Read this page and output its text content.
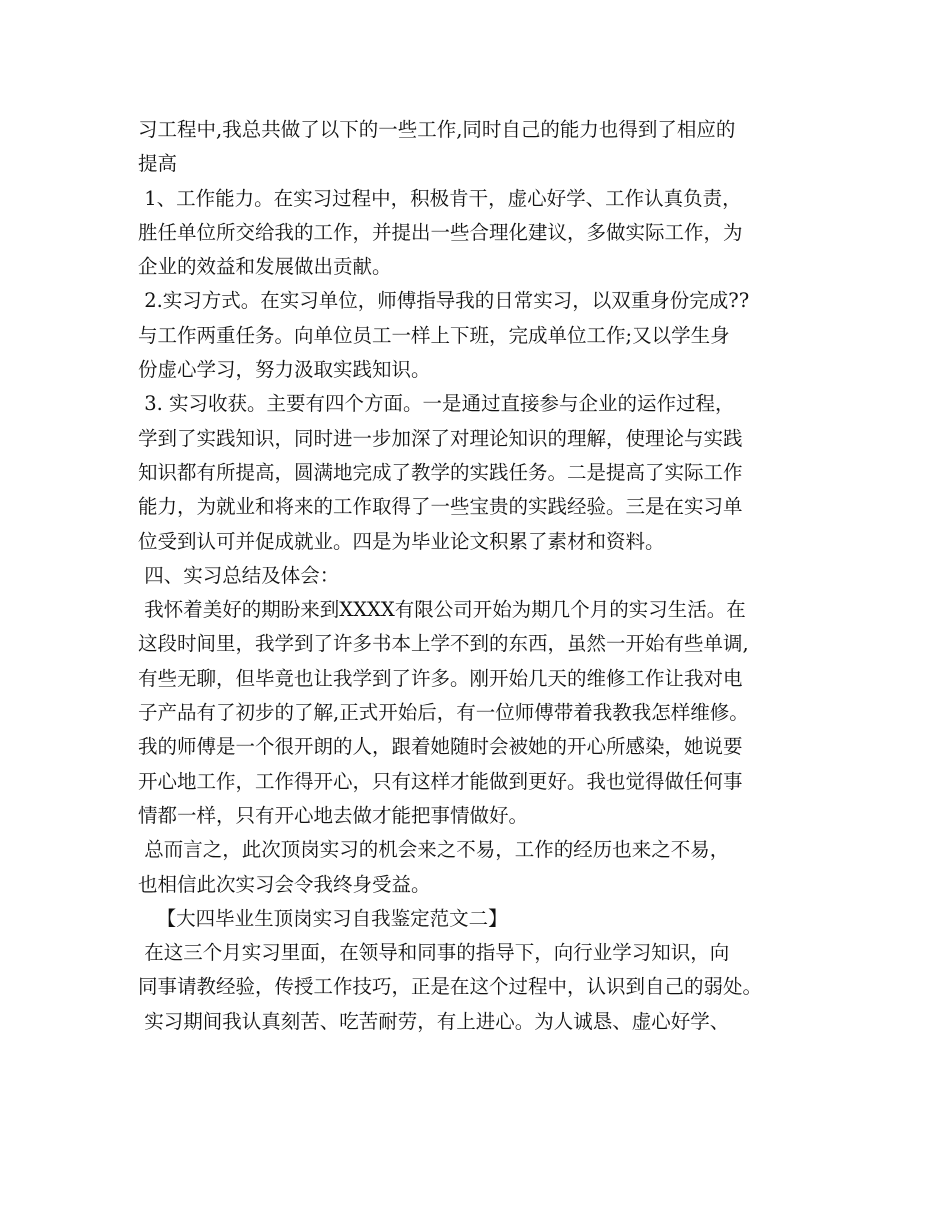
习工程中,我总共做了以下的一些工作,同时自己的能力也得到了相应的
提高
1、工作能力。在实习过程中，积极肯干，虚心好学、工作认真负责，
胜任单位所交给我的工作，并提出一些合理化建议，多做实际工作，为
企业的效益和发展做出贡献。
2.实习方式。在实习单位，师傅指导我的日常实习，以双重身份完成??
与工作两重任务。向单位员工一样上下班，完成单位工作;又以学生身
份虚心学习，努力汲取实践知识。
3. 实习收获。主要有四个方面。一是通过直接参与企业的运作过程，
学到了实践知识，同时进一步加深了对理论知识的理解，使理论与实践
知识都有所提高，圆满地完成了教学的实践任务。二是提高了实际工作
能力，为就业和将来的工作取得了一些宝贵的实践经验。三是在实习单
位受到认可并促成就业。四是为毕业论文积累了素材和资料。
四、实习总结及体会：
我怀着美好的期盼来到XXXX有限公司开始为期几个月的实习生活。在
这段时间里，我学到了许多书本上学不到的东西，虽然一开始有些单调,
有些无聊，但毕竟也让我学到了许多。刚开始几天的维修工作让我对电
子产品有了初步的了解,正式开始后，有一位师傅带着我教我怎样维修。
我的师傅是一个很开朗的人，跟着她随时会被她的开心所感染，她说要
开心地工作，工作得开心，只有这样才能做到更好。我也觉得做任何事
情都一样，只有开心地去做才能把事情做好。
总而言之，此次顶岗实习的机会来之不易，工作的经历也来之不易，
也相信此次实习会令我终身受益。
【大四毕业生顶岗实习自我鉴定范文二】
在这三个月实习里面，在领导和同事的指导下，向行业学习知识，向
同事请教经验，传授工作技巧，正是在这个过程中，认识到自己的弱处。
实习期间我认真刻苦、吃苦耐劳，有上进心。为人诚恳、虚心好学、
